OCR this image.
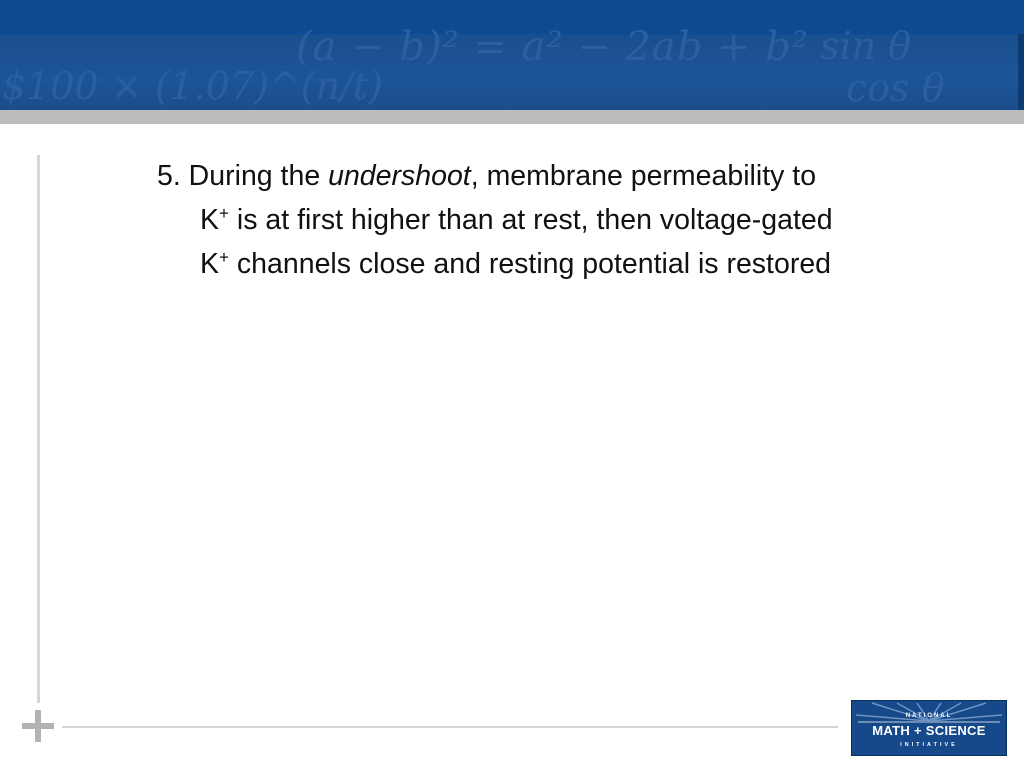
(a − b)² = a² − 2ab + b² sin θ
$100 × (1.07)^(n/t)	cos θ

5. During the undershoot, membrane permeability to

K+ is at first higher than at rest, then voltage-gated

K+ channels close and resting potential is restored

NATIONAL
MATH + SCIENCE
INITIATIVE
